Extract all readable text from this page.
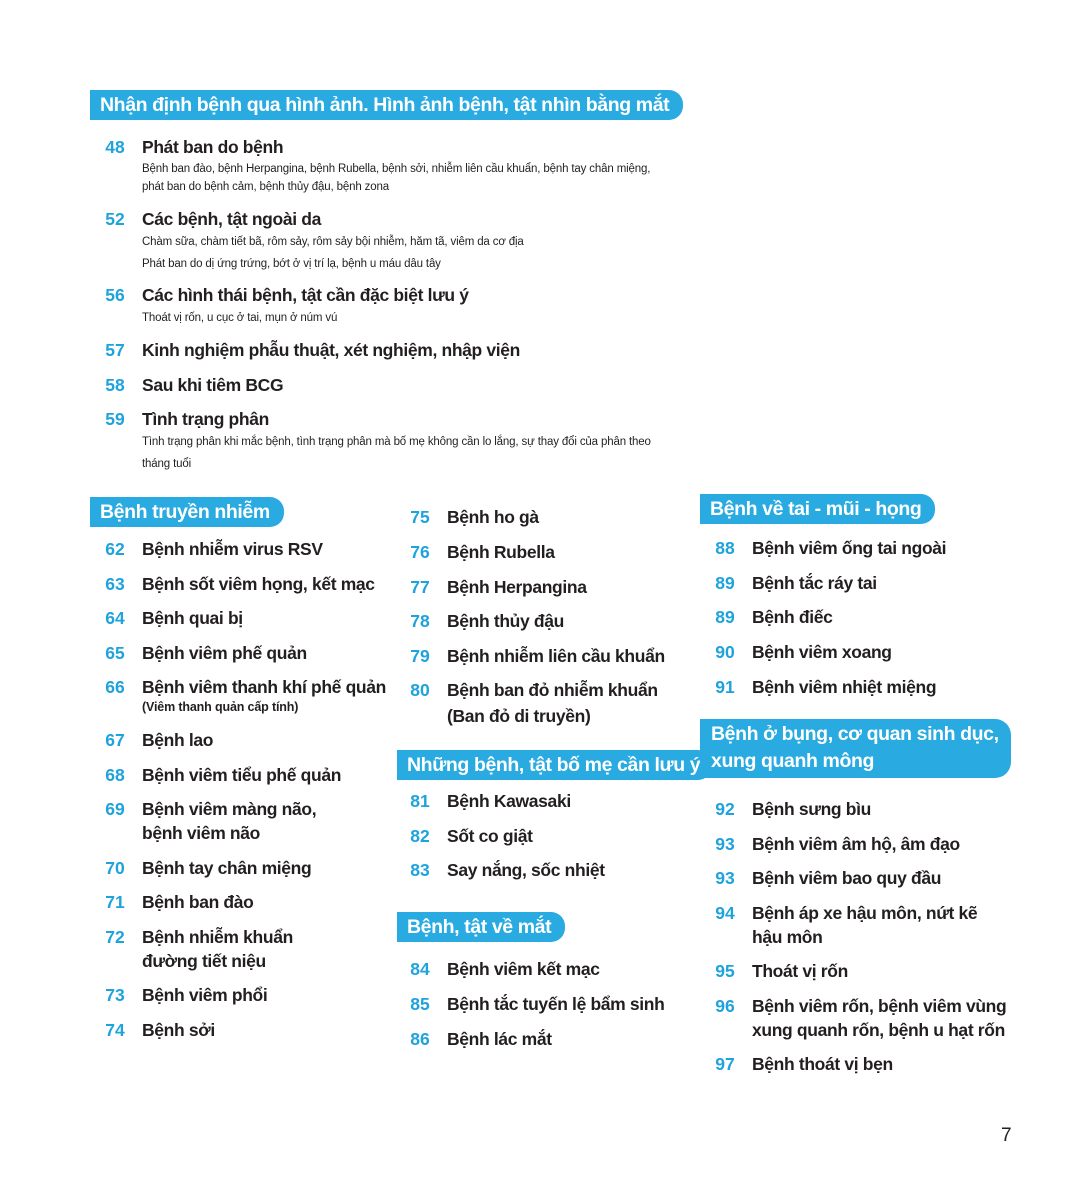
Nhận định bệnh qua hình ảnh. Hình ảnh bệnh, tật nhìn bằng mắt
48 Phát ban do bệnh
Bệnh ban đào, bệnh Herpangina, bệnh Rubella, bệnh sởi, nhiễm liên cầu khuẩn, bệnh tay chân miệng,
phát ban do bệnh cảm, bệnh thủy đậu, bệnh zona
52 Các bệnh, tật ngoài da
Chàm sữa, chàm tiết bã, rôm sảy, rôm sảy bội nhiễm, hăm tã, viêm da cơ địa
Phát ban do dị ứng trứng, bớt ở vị trí lạ, bệnh u máu dâu tây
56 Các hình thái bệnh, tật cần đặc biệt lưu ý
Thoát vị rốn, u cục ở tai, mụn ở núm vú
57 Kinh nghiệm phẫu thuật, xét nghiệm, nhập viện
58 Sau khi tiêm BCG
59 Tình trạng phân
Tình trạng phân khi mắc bệnh, tình trạng phân mà bố mẹ không cần lo lắng, sự thay đổi của phân theo
tháng tuổi
Bệnh truyền nhiễm
62 Bệnh nhiễm virus RSV
63 Bệnh sốt viêm họng, kết mạc
64 Bệnh quai bị
65 Bệnh viêm phế quản
66 Bệnh viêm thanh khí phế quản
(Viêm thanh quản cấp tính)
67 Bệnh lao
68 Bệnh viêm tiểu phế quản
69 Bệnh viêm màng não,
bệnh viêm não
70 Bệnh tay chân miệng
71 Bệnh ban đào
72 Bệnh nhiễm khuẩn
đường tiết niệu
73 Bệnh viêm phổi
74 Bệnh sởi
75 Bệnh ho gà
76 Bệnh Rubella
77 Bệnh Herpangina
78 Bệnh thủy đậu
79 Bệnh nhiễm liên cầu khuẩn
80 Bệnh ban đỏ nhiễm khuẩn
(Ban đỏ di truyền)
Những bệnh, tật bố mẹ cần lưu ý
81 Bệnh Kawasaki
82 Sốt co giật
83 Say nắng, sốc nhiệt
Bệnh, tật về mắt
84 Bệnh viêm kết mạc
85 Bệnh tắc tuyến lệ bẩm sinh
86 Bệnh lác mắt
Bệnh về tai - mũi - họng
88 Bệnh viêm ống tai ngoài
89 Bệnh tắc ráy tai
89 Bệnh điếc
90 Bệnh viêm xoang
91 Bệnh viêm nhiệt miệng
Bệnh ở bụng, cơ quan sinh dục,
xung quanh mông
92 Bệnh sưng bìu
93 Bệnh viêm âm hộ, âm đạo
93 Bệnh viêm bao quy đầu
94 Bệnh áp xe hậu môn, nứt kẽ
hậu môn
95 Thoát vị rốn
96 Bệnh viêm rốn, bệnh viêm vùng
xung quanh rốn, bệnh u hạt rốn
97 Bệnh thoát vị bẹn
7
